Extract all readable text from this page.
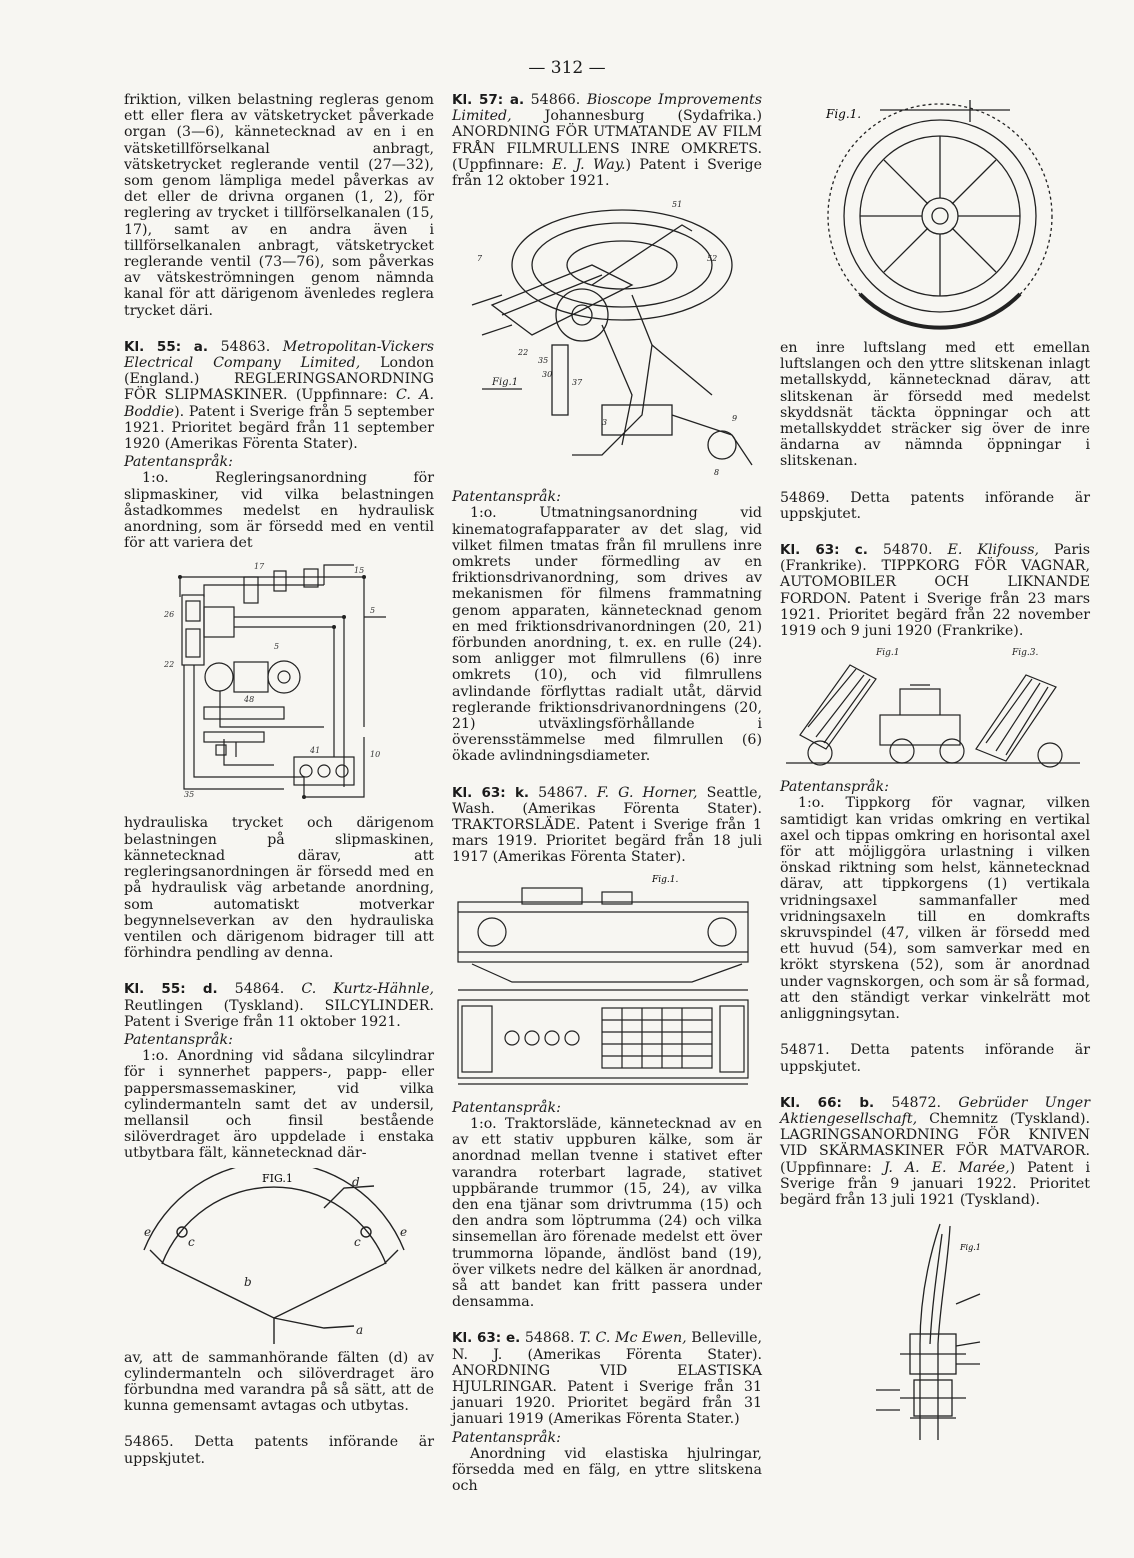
— 312 —

friktion, vilken belastning regleras genom ett eller flera av vätsketrycket påverkade organ (3—6), kännetecknad av en i en vätsketillförselkanal anbragt, vätsketrycket reglerande ventil (27—32), som genom lämpliga medel påverkas av det eller de drivna organen (1, 2), för reglering av trycket i tillförselkanalen (15, 17), samt av en andra även i tillförselkanalen anbragt, vätsketrycket reglerande ventil (73—76), som påverkas av vätskeströmningen genom nämnda kanal för att därigenom ävenledes reglera trycket däri.

Kl. 55: a. 54863. Metropolitan-Vickers Electrical Company Limited, London (England.) REGLERINGSANORDNING FÖR SLIPMASKINER. (Uppfinnare: C. A. Boddie). Patent i Sverige från 5 september 1921. Prioritet begärd från 11 september 1920 (Amerikas Förenta Stater).

Patentanspråk:

1:o. Regleringsanordning för slipmaskiner, vid vilka belastningen åstadkommes medelst en hydraulisk anordning, som är försedd med en ventil för att variera det

26
22
15
5
5
48
41	10
35
17

hydrauliska trycket och därigenom belastningen på slipmaskinen, kännetecknad därav, att regleringsanordningen är försedd med en på hydraulisk väg arbetande anordning, som automatiskt motverkar begynnelseverkan av den hydrauliska ventilen och därigenom bidrager till att förhindra pendling av denna.

Kl. 55: d. 54864. C. Kurtz-Hähnle, Reutlingen (Tyskland). SILCYLINDER. Patent i Sverige från 11 oktober 1921.

Patentanspråk:

1:o. Anordning vid sådana silcylindrar för i synnerhet pappers-, papp- eller pappersmassemaskiner, vid vilka cylindermanteln samt det av undersil, mellansil och finsil bestående silöverdraget äro uppdelade i enstaka utbytbara fält, kännetecknad där-

FIG.1	d
e
c	c
e
b
a

av, att de sammanhörande fälten (d) av cylindermanteln och silöverdraget äro förbundna med varandra på så sätt, att de kunna gemensamt avtagas och utbytas.

54865. Detta patents införande är uppskjutet.

Kl. 57: a. 54866. Bioscope Improvements Limited, Johannesburg (Sydafrika.) ANORDNING FÖR UTMATANDE AV FILM FRÅN FILMRULLENS INRE OMKRETS. (Uppfinnare: E. J. Way.) Patent i Sverige från 12 oktober 1921.

51
7	52
22
35
37
30
3	9
8
Fig.1

Patentanspråk:

1:o. Utmatningsanordning vid kinematografapparater av det slag, vid vilket filmen tmatas från fil mrullens inre omkrets under förmedling av en friktionsdrivanordning, som drives av mekanismen för filmens frammatning genom apparaten, kännetecknad genom en med friktionsdrivanordningen (20, 21) förbunden anordning, t. ex. en rulle (24). som anligger mot filmrullens (6) inre omkrets (10), och vid filmrullens avlindande förflyttas radialt utåt, därvid reglerande friktionsdrivanordningens (20, 21) utväxlingsförhållande i överensstämmelse med filmrullen (6) ökade avlindningsdiameter.

Kl. 63: k. 54867. F. G. Horner, Seattle, Wash. (Amerikas Förenta Stater). TRAKTORSLÄDE. Patent i Sverige från 1 mars 1919. Prioritet begärd från 18 juli 1917 (Amerikas Förenta Stater).

Fig.1.

Patentanspråk:

1:o. Traktorsläde, kännetecknad av en av ett stativ uppburen kälke, som är anordnad mellan tvenne i stativet efter varandra roterbart lagrade, stativet uppbärande trummor (15, 24), av vilka den ena tjänar som drivtrumma (15) och den andra som löptrumma (24) och vilka sinsemellan äro förenade medelst ett över trummorna löpande, ändlöst band (19), över vilkets nedre del kälken är anordnad, så att bandet kan fritt passera under densamma.

Kl. 63: e. 54868. T. C. Mc Ewen, Belleville, N. J. (Amerikas Förenta Stater). ANORDNING VID ELASTISKA HJULRINGAR. Patent i Sverige från 31 januari 1920. Prioritet begärd från 31 januari 1919 (Amerikas Förenta Stater.)

Patentanspråk:

Anordning vid elastiska hjulringar, försedda med en fälg, en yttre slitskena och

Fig.1.

en inre luftslang med ett emellan luftslangen och den yttre slitskenan inlagt metallskydd, kännetecknad därav, att slitskenan är försedd med medelst skyddsnät täckta öppningar och att metallskyddet sträcker sig över de inre ändarna av nämnda öppningar i slitskenan.

54869. Detta patents införande är uppskjutet.

Kl. 63: c. 54870. E. Klifouss, Paris (Frankrike). TIPPKORG FÖR VAGNAR, AUTOMOBILER OCH LIKNANDE FORDON. Patent i Sverige från 23 mars 1921. Prioritet begärd från 22 november 1919 och 9 juni 1920 (Frankrike).

Fig.1	Fig.3.

Patentanspråk:

1:o. Tippkorg för vagnar, vilken samtidigt kan vridas omkring en vertikal axel och tippas omkring en horisontal axel för att möjliggöra urlastning i vilken önskad riktning som helst, kännetecknad därav, att tippkorgens (1) vertikala vridningsaxel sammanfaller med vridningsaxeln till en domkrafts skruvspindel (47, vilken är försedd med ett huvud (54), som samverkar med en krökt styrskena (52), som är anordnad under vagnskorgen, och som är så formad, att den ständigt verkar vinkelrätt mot anliggningsytan.

54871. Detta patents införande är uppskjutet.

Kl. 66: b. 54872. Gebrüder Unger Aktiengesellschaft, Chemnitz (Tyskland). LAGRINGSANORDNING FÖR KNIVEN VID SKÄRMASKINER FÖR MATVAROR. (Uppfinnare: J. A. E. Marée,) Patent i Sverige från 9 januari 1922. Prioritet begärd från 13 juli 1921 (Tyskland).

Fig.1
